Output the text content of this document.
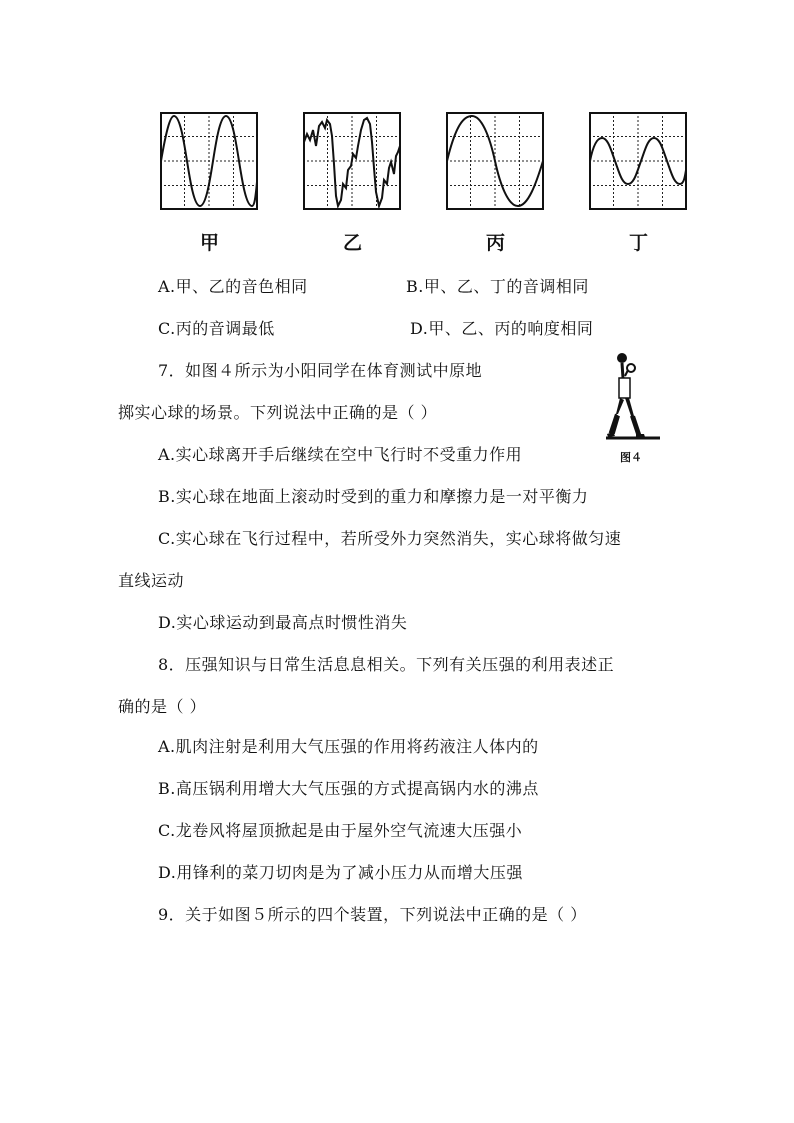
甲	乙	丙	丁
A.甲、乙的音色相同	B.甲、乙、丁的音调相同
C.丙的音调最低	D.甲、乙、丙的响度相同
7．如图４所示为小阳同学在体育测试中原地
掷实心球的场景。下列说法中正确的是（ ）
图４
A.实心球离开手后继续在空中飞行时不受重力作用
B.实心球在地面上滚动时受到的重力和摩擦力是一对平衡力
C.实心球在飞行过程中，若所受外力突然消失，实心球将做匀速
直线运动
D.实心球运动到最高点时惯性消失
8．压强知识与日常生活息息相关。下列有关压强的利用表述正
确的是（ ）
A.肌肉注射是利用大气压强的作用将药液注人体内的
B.高压锅利用增大大气压强的方式提高锅内水的沸点
C.龙卷风将屋顶掀起是由于屋外空气流速大压强小
D.用锋利的菜刀切肉是为了减小压力从而增大压强
9．关于如图５所示的四个装置，下列说法中正确的是（ ）
